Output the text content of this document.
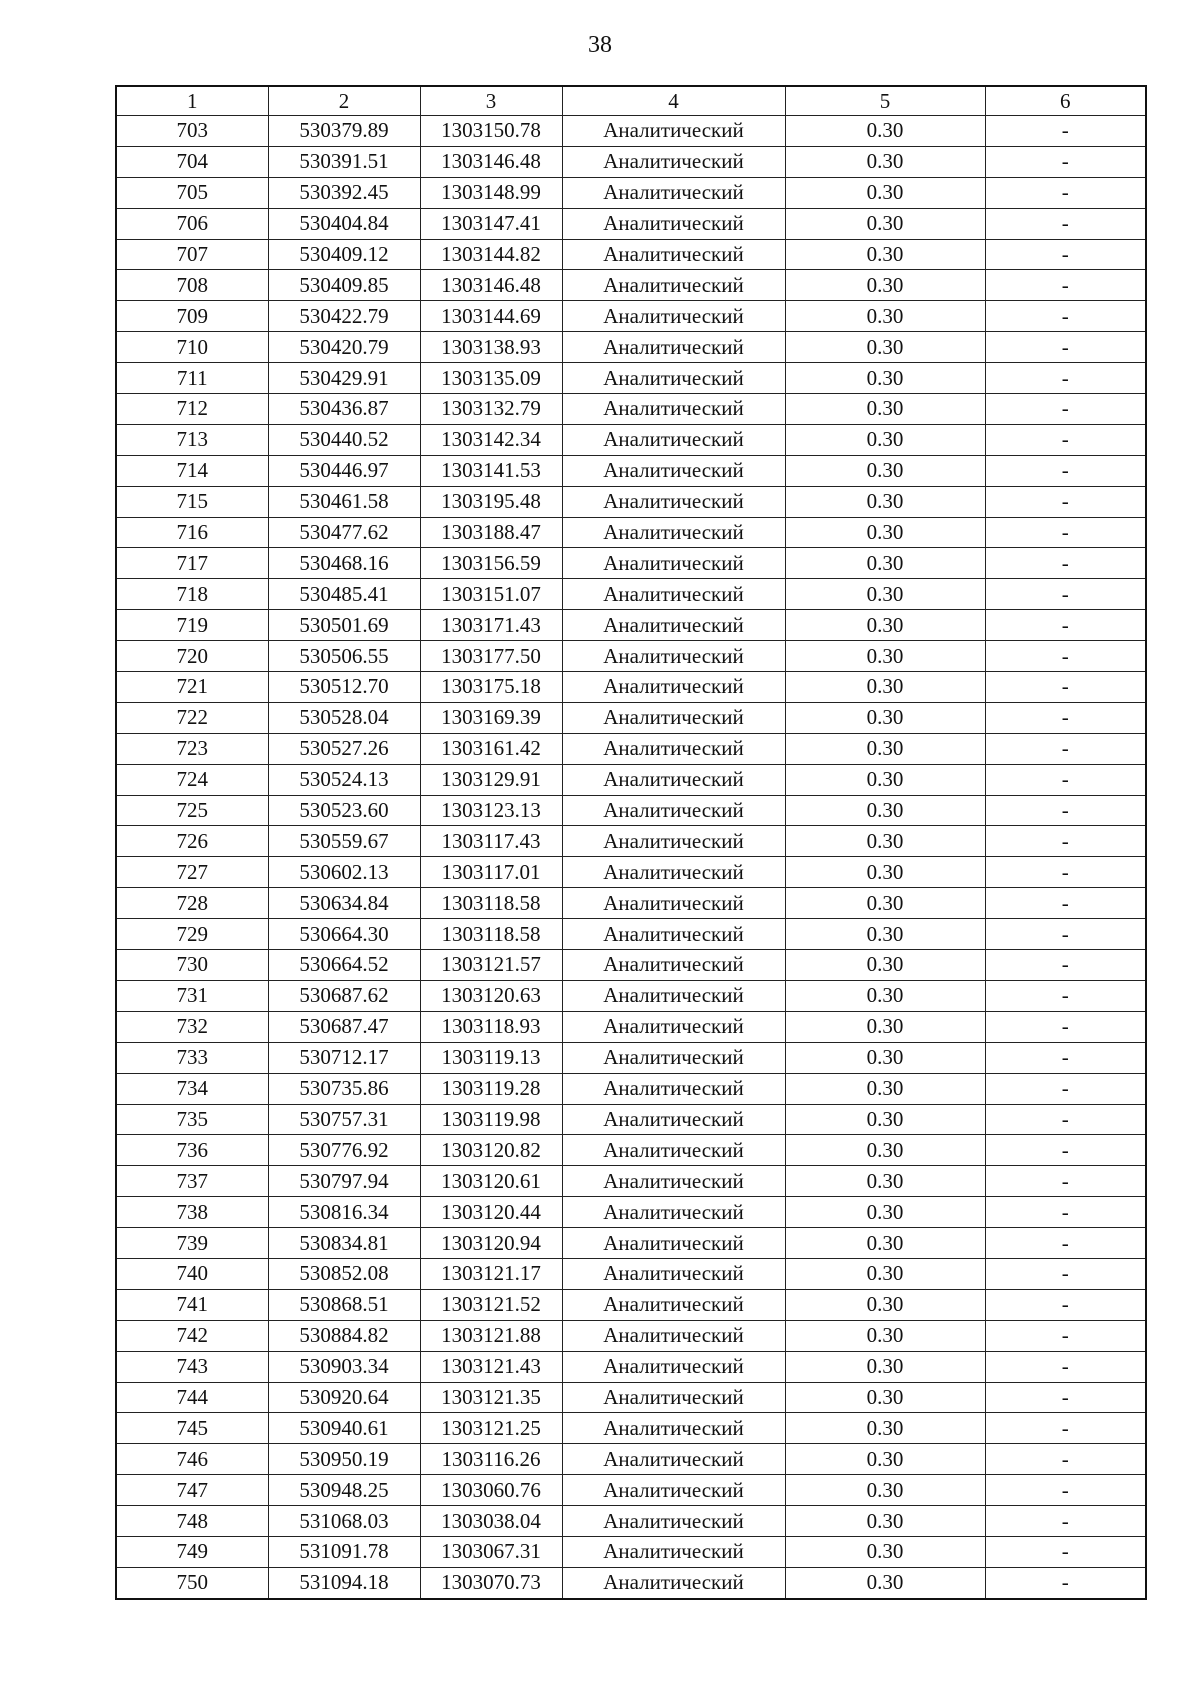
38
1	2	3	4	5	6
703	530379.89	1303150.78	Аналитический	0.30	-
704	530391.51	1303146.48	Аналитический	0.30	-
705	530392.45	1303148.99	Аналитический	0.30	-
706	530404.84	1303147.41	Аналитический	0.30	-
707	530409.12	1303144.82	Аналитический	0.30	-
708	530409.85	1303146.48	Аналитический	0.30	-
709	530422.79	1303144.69	Аналитический	0.30	-
710	530420.79	1303138.93	Аналитический	0.30	-
711	530429.91	1303135.09	Аналитический	0.30	-
712	530436.87	1303132.79	Аналитический	0.30	-
713	530440.52	1303142.34	Аналитический	0.30	-
714	530446.97	1303141.53	Аналитический	0.30	-
715	530461.58	1303195.48	Аналитический	0.30	-
716	530477.62	1303188.47	Аналитический	0.30	-
717	530468.16	1303156.59	Аналитический	0.30	-
718	530485.41	1303151.07	Аналитический	0.30	-
719	530501.69	1303171.43	Аналитический	0.30	-
720	530506.55	1303177.50	Аналитический	0.30	-
721	530512.70	1303175.18	Аналитический	0.30	-
722	530528.04	1303169.39	Аналитический	0.30	-
723	530527.26	1303161.42	Аналитический	0.30	-
724	530524.13	1303129.91	Аналитический	0.30	-
725	530523.60	1303123.13	Аналитический	0.30	-
726	530559.67	1303117.43	Аналитический	0.30	-
727	530602.13	1303117.01	Аналитический	0.30	-
728	530634.84	1303118.58	Аналитический	0.30	-
729	530664.30	1303118.58	Аналитический	0.30	-
730	530664.52	1303121.57	Аналитический	0.30	-
731	530687.62	1303120.63	Аналитический	0.30	-
732	530687.47	1303118.93	Аналитический	0.30	-
733	530712.17	1303119.13	Аналитический	0.30	-
734	530735.86	1303119.28	Аналитический	0.30	-
735	530757.31	1303119.98	Аналитический	0.30	-
736	530776.92	1303120.82	Аналитический	0.30	-
737	530797.94	1303120.61	Аналитический	0.30	-
738	530816.34	1303120.44	Аналитический	0.30	-
739	530834.81	1303120.94	Аналитический	0.30	-
740	530852.08	1303121.17	Аналитический	0.30	-
741	530868.51	1303121.52	Аналитический	0.30	-
742	530884.82	1303121.88	Аналитический	0.30	-
743	530903.34	1303121.43	Аналитический	0.30	-
744	530920.64	1303121.35	Аналитический	0.30	-
745	530940.61	1303121.25	Аналитический	0.30	-
746	530950.19	1303116.26	Аналитический	0.30	-
747	530948.25	1303060.76	Аналитический	0.30	-
748	531068.03	1303038.04	Аналитический	0.30	-
749	531091.78	1303067.31	Аналитический	0.30	-
750	531094.18	1303070.73	Аналитический	0.30	-
